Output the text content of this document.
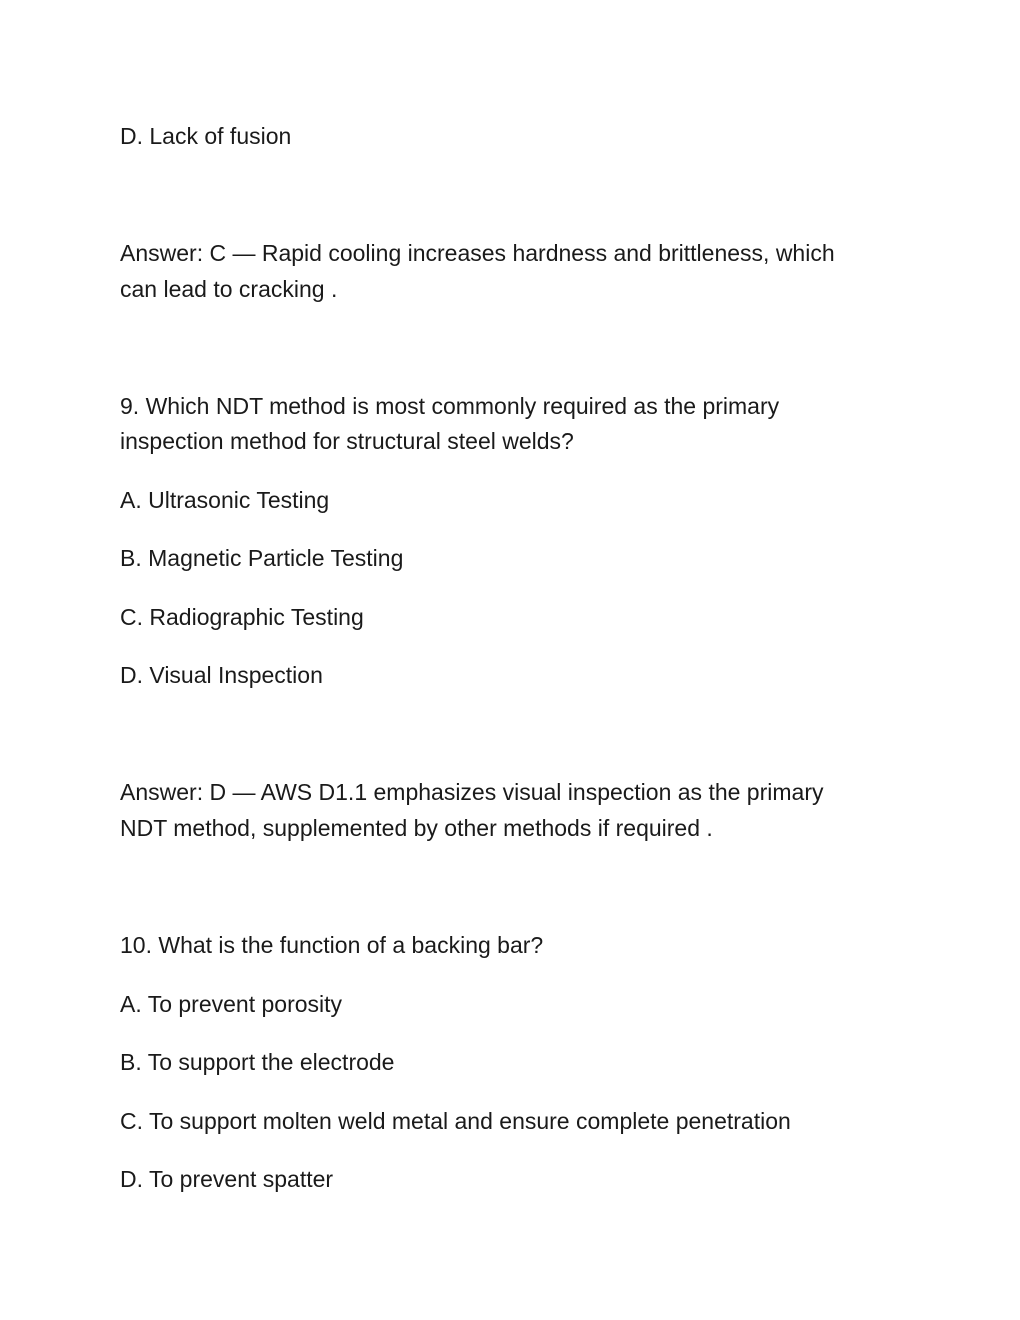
D. Lack of fusion

Answer: C — Rapid cooling increases hardness and brittleness, which

can lead to cracking .

9. Which NDT method is most commonly required as the primary

inspection method for structural steel welds?

A. Ultrasonic Testing

B. Magnetic Particle Testing

C. Radiographic Testing

D. Visual Inspection

Answer: D — AWS D1.1 emphasizes visual inspection as the primary

NDT method, supplemented by other methods if required .

10. What is the function of a backing bar?

A. To prevent porosity

B. To support the electrode

C. To support molten weld metal and ensure complete penetration

D. To prevent spatter
